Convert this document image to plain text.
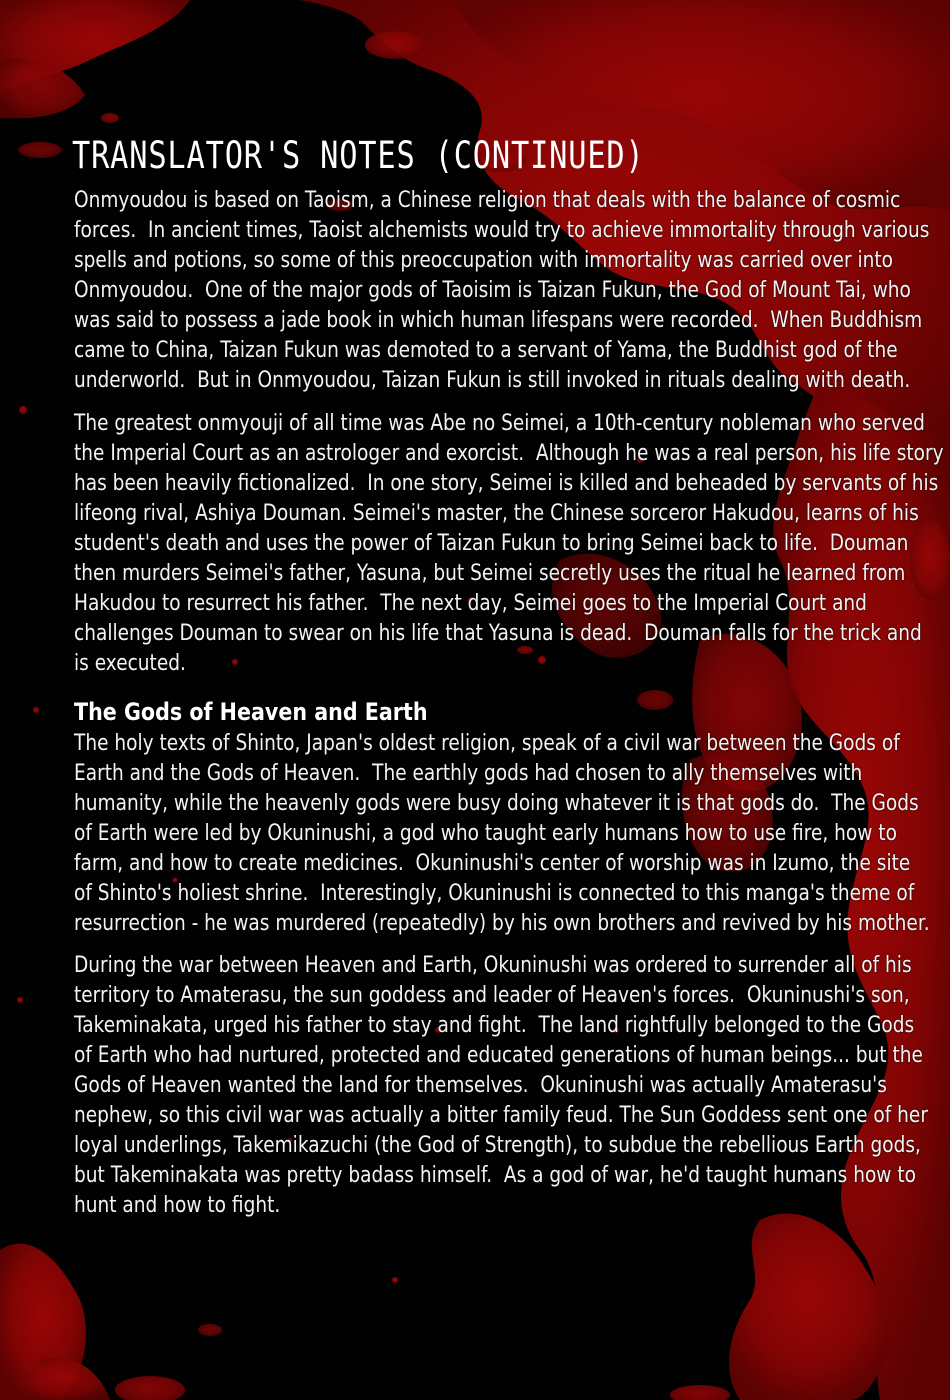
TRANSLATOR'S NOTES (CONTINUED)

Onmyoudou is based on Taoism, a Chinese religion that deals with the balance of cosmic
forces.  In ancient times, Taoist alchemists would try to achieve immortality through various
spells and potions, so some of this preoccupation with immortality was carried over into
Onmyoudou.  One of the major gods of Taoisim is Taizan Fukun, the God of Mount Tai, who
was said to possess a jade book in which human lifespans were recorded.  When Buddhism
came to China, Taizan Fukun was demoted to a servant of Yama, the Buddhist god of the
underworld.  But in Onmyoudou, Taizan Fukun is still invoked in rituals dealing with death.

The greatest onmyouji of all time was Abe no Seimei, a 10th-century nobleman who served
the Imperial Court as an astrologer and exorcist.  Although he was a real person, his life story
has been heavily fictionalized.  In one story, Seimei is killed and beheaded by servants of his
lifeong rival, Ashiya Douman. Seimei's master, the Chinese sorceror Hakudou, learns of his
student's death and uses the power of Taizan Fukun to bring Seimei back to life.  Douman
then murders Seimei's father, Yasuna, but Seimei secretly uses the ritual he learned from
Hakudou to resurrect his father.  The next day, Seimei goes to the Imperial Court and
challenges Douman to swear on his life that Yasuna is dead.  Douman falls for the trick and
is executed.

The Gods of Heaven and Earth

The holy texts of Shinto, Japan's oldest religion, speak of a civil war between the Gods of
Earth and the Gods of Heaven.  The earthly gods had chosen to ally themselves with
humanity, while the heavenly gods were busy doing whatever it is that gods do.  The Gods
of Earth were led by Okuninushi, a god who taught early humans how to use fire, how to
farm, and how to create medicines.  Okuninushi's center of worship was in Izumo, the site
of Shinto's holiest shrine.  Interestingly, Okuninushi is connected to this manga's theme of
resurrection - he was murdered (repeatedly) by his own brothers and revived by his mother.

During the war between Heaven and Earth, Okuninushi was ordered to surrender all of his
territory to Amaterasu, the sun goddess and leader of Heaven's forces.  Okuninushi's son,
Takeminakata, urged his father to stay and fight.  The land rightfully belonged to the Gods
of Earth who had nurtured, protected and educated generations of human beings... but the
Gods of Heaven wanted the land for themselves.  Okuninushi was actually Amaterasu's
nephew, so this civil war was actually a bitter family feud. The Sun Goddess sent one of her
loyal underlings, Takemikazuchi (the God of Strength), to subdue the rebellious Earth gods,
but Takeminakata was pretty badass himself.  As a god of war, he'd taught humans how to
hunt and how to fight.
